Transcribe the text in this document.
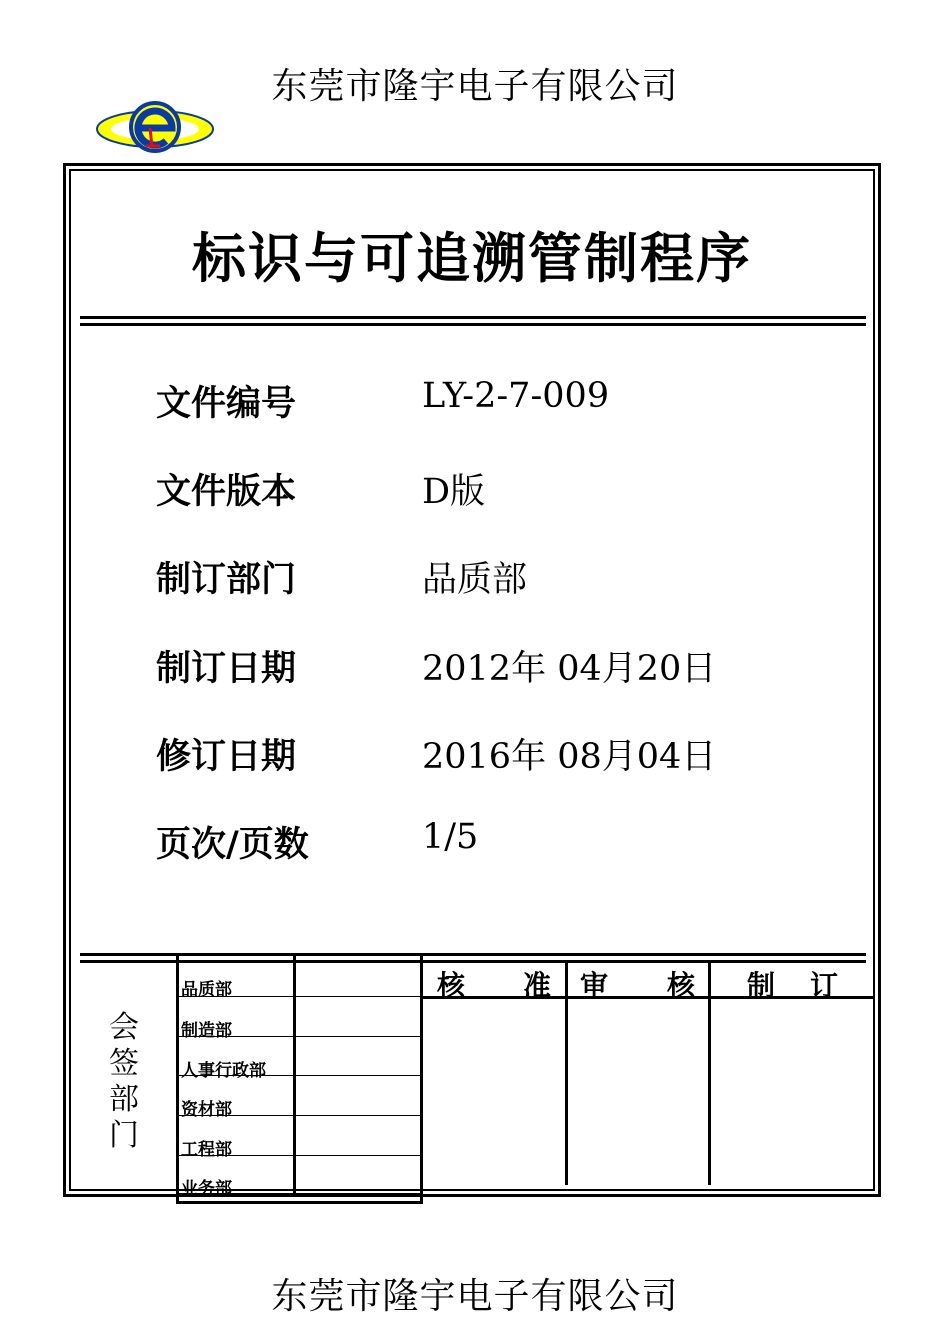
东莞市隆宇电子有限公司
标识与可追溯管制程序
文件编号	LY-2-7-009
文件版本	D版
制订部门	品质部
制订日期	2012年 04月20日
修订日期	2016年 08月04日
页次/页数	1/5
会签部门
品质部
制造部
人事行政部
资材部
工程部
业务部
核 准 审 核 制 订
东莞市隆宇电子有限公司
